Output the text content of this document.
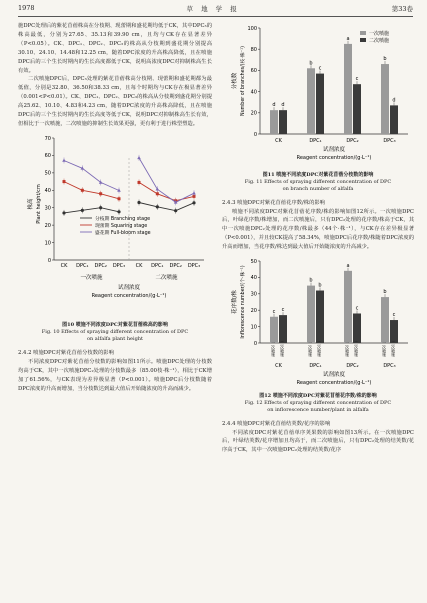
1978	草 地 学 报	第33卷

施DPC处理后的紫花苜蓿株高在分枝期、现蕾期和盛花期均低于CK，其中DPC₃的株高最低，分别为27.65、35.13和39.90 cm，且均与CK存在显著差异（P<0.05）。CK、DPC₁、DPC₂、DPC₃的株高从分枝期到盛花期分别提高30.10、24.10、14.48和12.25 cm，随着DPC浓度的升高株高降低，且在喷施DPC后的三个生长时期内的生长高度都低于CK，说明高浓度DPC对抑制株高生长有效。

二次喷施DPC后，DPC₃处理的紫花苜蓿株高分枝期、现蕾期和盛花期都为最低值，分别是32.80、36.50和38.33 cm，且每个时期均与CK存在极显著差异（0.001<P<0.01）。CK、DPC₁、DPC₂、DPC₃的株高从分枝期到盛花期分别提高25.62、10.10、4.83和4.23 cm，随着DPC浓度的升高株高降低，且在喷施DPC后的三个生长时期内的生长高度等低于CK，说明DPC对抑制株高生长有效，但相比于一次喷施，二次喷施的抑制生长效果更强，更有利于进行株型塑造。

0
10
20
30
40
50
60
70
株高 Plant height/cm
CK DPC₁ DPC₂ DPC₃
一次喷施
CK DPC₁ DPC₂ DPC₃
二次喷施
试剂浓度
Reagent concentration/(g·L⁻¹)
分枝期 Branching stage
现蕾期 Squaring stage
盛花期 Full-bloom stage

图10 喷施不同浓度DPC对紫花苜蓿株高的影响

Fig. 10 Effects of spraying different concentration of DPC

on alfalfa plant height

2.4.2 喷施DPC对紫花苜蓿分枝数的影响

不同浓度DPC对紫花苜蓿分枝数的影响如图11所示。喷施DPC处理的分枝数均高于CK，其中一次喷施DPC₂处理的分枝数最多（85.00枝·株⁻¹），相比于CK增加了61.56%，与CK表现为差异极显著（P<0.001）。喷施DPC后分枝数随着DPC浓度的升高而增加，当分枝数达到最大值后开始随浓度的升高而减少。

0
20
40
60
80
100
分枝数 Number of branches/(枝·株⁻¹)	d d
CK
b
c
DPC₁
a
c
DPC₂
b
d
DPC₃
试剂浓度
Reagent concentration/(g·L⁻¹)
一次喷施
二次喷施

图11 喷施不同浓度DPC对紫花苜蓿分枝数的影响

Fig. 11 Effects of spraying different concentration of DPC

on branch number of alfalfa

2.4.3 喷施DPC对紫花苜蓿花序数/株的影响

喷施不同浓度DPC对紫花苜蓿花序数/株的影响如图12所示。一次喷施DPC后，叶绿花序数/株增加，而二次喷施后，只有DPC₂处理的花序数/株高于CK，其中一次喷施DPC₂处理的花序数/株最多（44个·株⁻¹），与CK存在差异极显著（P<0.001），并且较CK提高了58.34%，喷施DPC后花序数/株随着DPC浓度的升高而增加，当花序数/株达到最大值后开始随浓度的升高减少。

0
10
20
30
40
50
花序数/株 Inflorescence number/(个·株⁻¹)	c
一次喷施
c
二次喷施
CK
b
一次喷施
b
二次喷施
DPC₁
a
一次喷施
c
二次喷施
DPC₂
b
一次喷施
c
二次喷施
DPC₃
试剂浓度
Reagent concentration/(g·L⁻¹)

图12 喷施不同浓度DPC对紫花苜蓿花序数/株的影响

Fig. 12 Effects of spraying different concentration of DPC

on inflorescence number/plant in alfalfa

2.4.4 喷施DPC对紫花苜蓿结荚数/花序的影响

不同浓度DPC对紫花苜蓿单序荚果数的影响如图13所示。在一次喷施DPC后，叶绿结荚数/花序增加且均高于，而二次喷施后，只有DPC₂处理的结荚数/花序高于CK，其中一次喷施DPC₂处理的结荚数/花序
